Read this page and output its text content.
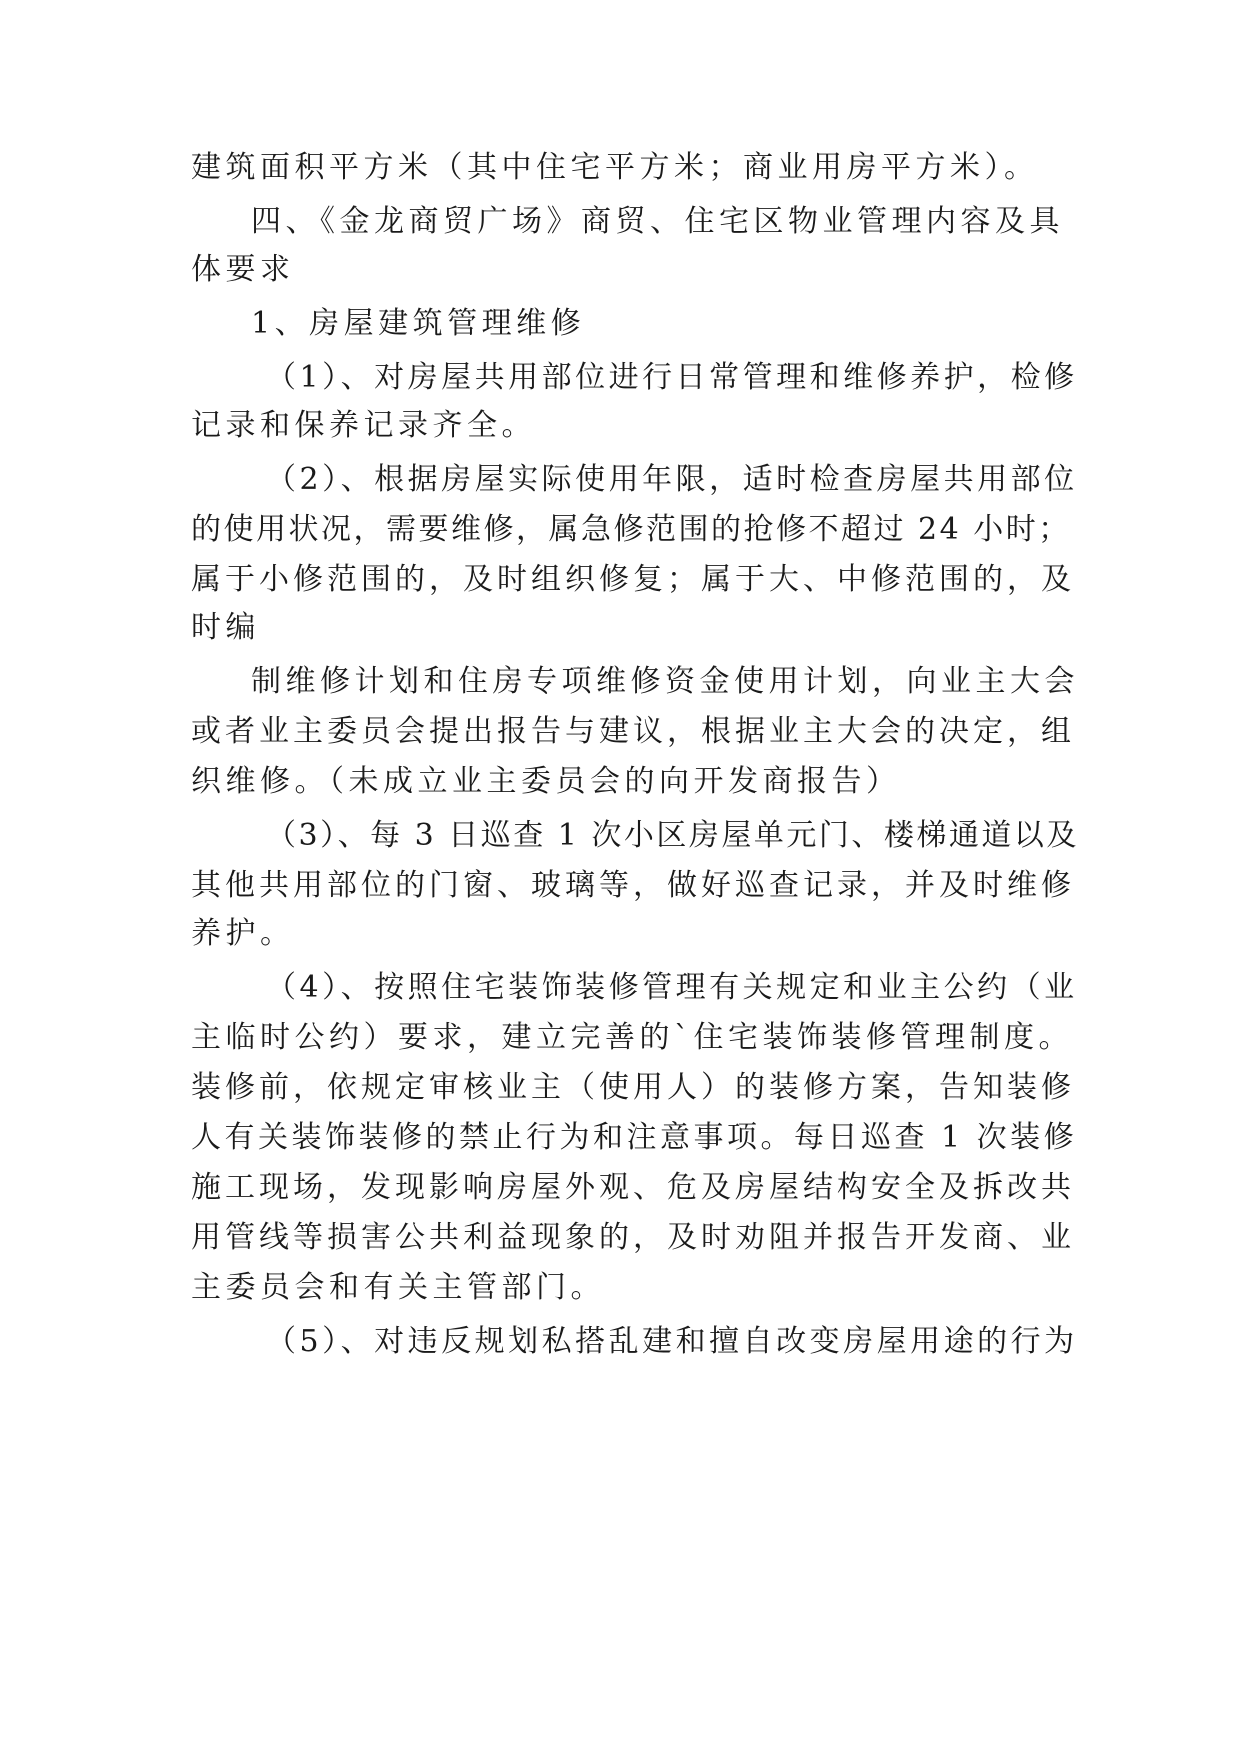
建筑面积平方米（其中住宅平方米；商业用房平方米）。
四、《金龙商贸广场》商贸、住宅区物业管理内容及具
体要求
1、房屋建筑管理维修
（1）、对房屋共用部位进行日常管理和维修养护，检修
记录和保养记录齐全。
（2）、根据房屋实际使用年限，适时检查房屋共用部位
的使用状况，需要维修，属急修范围的抢修不超过 24 小时；
属于小修范围的，及时组织修复；属于大、中修范围的，及
时编
制维修计划和住房专项维修资金使用计划，向业主大会
或者业主委员会提出报告与建议，根据业主大会的决定，组
织维修。（未成立业主委员会的向开发商报告）
（3）、每 3 日巡查 1 次小区房屋单元门、楼梯通道以及
其他共用部位的门窗、玻璃等，做好巡查记录，并及时维修
养护。
（4）、按照住宅装饰装修管理有关规定和业主公约（业
主临时公约）要求，建立完善的`住宅装饰装修管理制度。
装修前，依规定审核业主（使用人）的装修方案，告知装修
人有关装饰装修的禁止行为和注意事项。每日巡查 1 次装修
施工现场，发现影响房屋外观、危及房屋结构安全及拆改共
用管线等损害公共利益现象的，及时劝阻并报告开发商、业
主委员会和有关主管部门。
（5）、对违反规划私搭乱建和擅自改变房屋用途的行为
